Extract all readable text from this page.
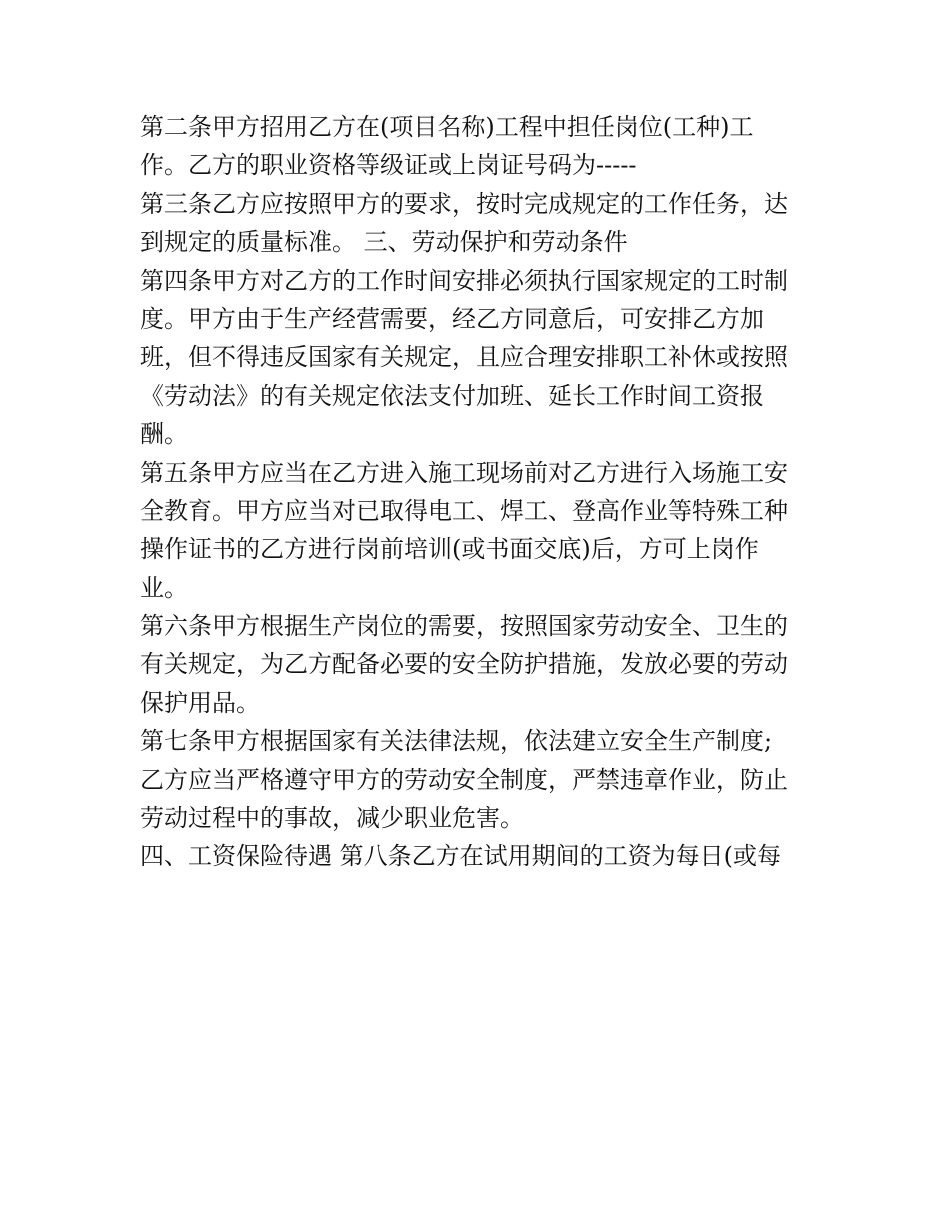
第二条甲方招用乙方在(项目名称)工程中担任岗位(工种)工

作。乙方的职业资格等级证或上岗证号码为-----

第三条乙方应按照甲方的要求，按时完成规定的工作任务，达

到规定的质量标准。 三、劳动保护和劳动条件

第四条甲方对乙方的工作时间安排必须执行国家规定的工时制

度。甲方由于生产经营需要，经乙方同意后，可安排乙方加

班，但不得违反国家有关规定，且应合理安排职工补休或按照

《劳动法》的有关规定依法支付加班、延长工作时间工资报

酬。

第五条甲方应当在乙方进入施工现场前对乙方进行入场施工安

全教育。甲方应当对已取得电工、焊工、登高作业等特殊工种

操作证书的乙方进行岗前培训(或书面交底)后，方可上岗作

业。

第六条甲方根据生产岗位的需要，按照国家劳动安全、卫生的

有关规定，为乙方配备必要的安全防护措施，发放必要的劳动

保护用品。

第七条甲方根据国家有关法律法规，依法建立安全生产制度;

乙方应当严格遵守甲方的劳动安全制度，严禁违章作业，防止

劳动过程中的事故，减少职业危害。

四、工资保险待遇 第八条乙方在试用期间的工资为每日(或每
